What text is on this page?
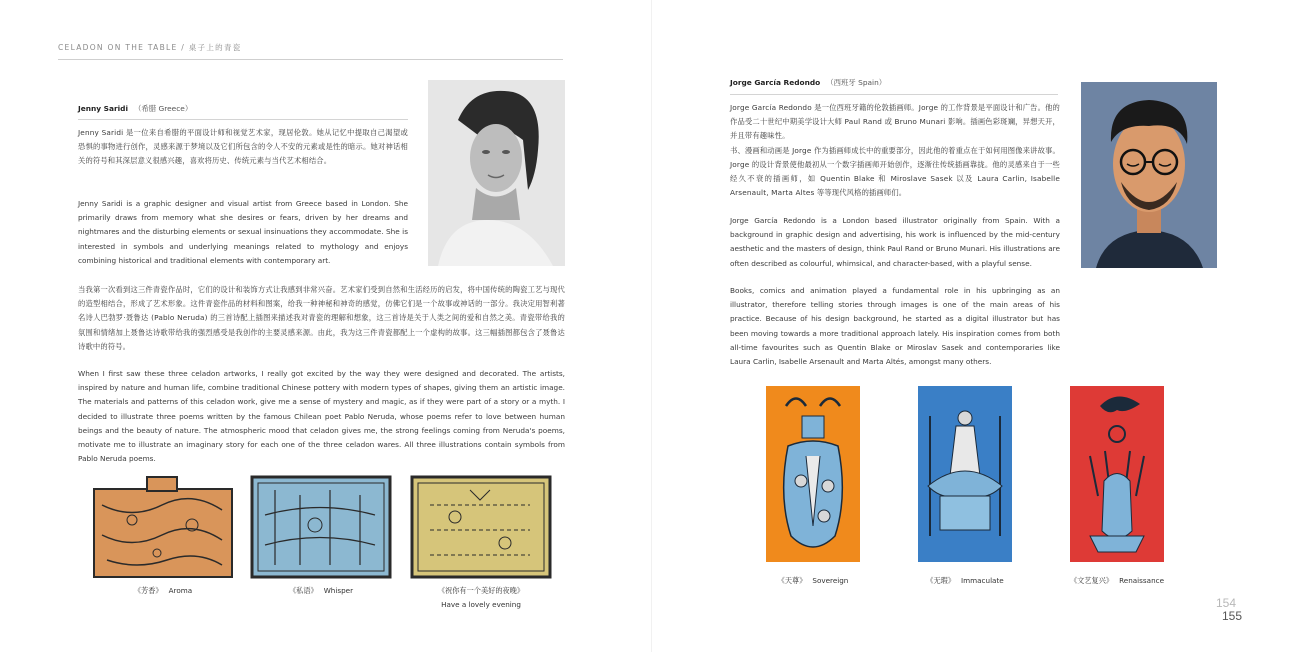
CELADON ON THE TABLE / 桌子上的青瓷
Jenny Saridi （希腊 Greece）

Jenny Saridi 是一位来自希腊的平面设计师和视觉艺术家，现居伦敦。她从记忆中提取自己渴望或恐惧的事物进行创作，灵感来源于梦境以及它们所包含的令人不安的元素或是性的暗示。她对神话相关的符号和其深层意义很感兴趣，喜欢将历史、传统元素与当代艺术相结合。

Jenny Saridi is a graphic designer and visual artist from Greece based in London. She primarily draws from memory what she desires or fears, driven by her dreams and nightmares and the disturbing elements or sexual insinuations they accommodate. She is interested in symbols and underlying meanings related to mythology and enjoys combining historical and traditional elements with contemporary art.

当我第一次看到这三件青瓷作品时，它们的设计和装饰方式让我感到非常兴奋。艺术家们受到自然和生活经历的启发，将中国传统的陶瓷工艺与现代的造型相结合，形成了艺术形象。这件青瓷作品的材料和图案，给我一种神秘和神奇的感觉，仿佛它们是一个故事或神话的一部分。我决定用智利著名诗人巴勃罗·聂鲁达 (Pablo Neruda) 的三首诗配上插图来描述我对青瓷的理解和想象，这三首诗是关于人类之间的爱和自然之美。青瓷带给我的氛围和情绪加上聂鲁达诗歌带给我的强烈感受是我创作的主要灵感来源。由此，我为这三件青瓷都配上一个虚构的故事。这三幅插图都包含了聂鲁达诗歌中的符号。

When I first saw these three celadon artworks, I really got excited by the way they were designed and decorated. The artists, inspired by nature and human life, combine traditional Chinese pottery with modern types of shapes, giving them an artistic image. The materials and patterns of this celadon work, give me a sense of mystery and magic, as if they were part of a story or a myth. I decided to illustrate three poems written by the famous Chilean poet Pablo Neruda, whose poems refer to love between human beings and the beauty of nature. The atmospheric mood that celadon gives me, the strong feelings coming from Neruda's poems, motivate me to illustrate an imaginary story for each one of the three celadon wares. All three illustrations contain symbols from Pablo Neruda poems.

《芳香》 Aroma	《私语》 Whisper	《祝你有一个美好的夜晚》
Have a lovely evening
Jorge García Redondo （西班牙 Spain）

Jorge García Redondo 是一位西班牙籍的伦敦插画师。Jorge 的工作背景是平面设计和广告。他的作品受二十世纪中期美学设计大师 Paul Rand 或 Bruno Munari 影响。插画色彩斑斓，异想天开，并且带有趣味性。
书、漫画和动画是 Jorge 作为插画师成长中的重要部分，因此他的着重点在于如何用图像来讲故事。Jorge 的设计背景使他最初从一个数字插画师开始创作，逐渐往传统插画靠拢。他的灵感来自于一些经久不衰的插画师，如 Quentin Blake 和 Miroslave Sasek 以及 Laura Carlin, Isabelle Arsenault, Marta Altes 等等现代风格的插画师们。

Jorge García Redondo is a London based illustrator originally from Spain. With a background in graphic design and advertising, his work is influenced by the mid-century aesthetic and the masters of design, think Paul Rand or Bruno Munari. His illustrations are often described as colourful, whimsical, and character-based, with a playful sense.

Books, comics and animation played a fundamental role in his upbringing as an illustrator, therefore telling stories through images is one of the main areas of his practice. Because of his design background, he started as a digital illustrator but has been moving towards a more traditional approach lately. His inspiration comes from both all-time favourites such as Quentin Blake or Miroslav Sasek and contemporaries like Laura Carlin, Isabelle Arsenault and Marta Altés, amongst many others.

《天尊》 Sovereign	《无瑕》 Immaculate	《文艺复兴》 Renaissance
154
155
